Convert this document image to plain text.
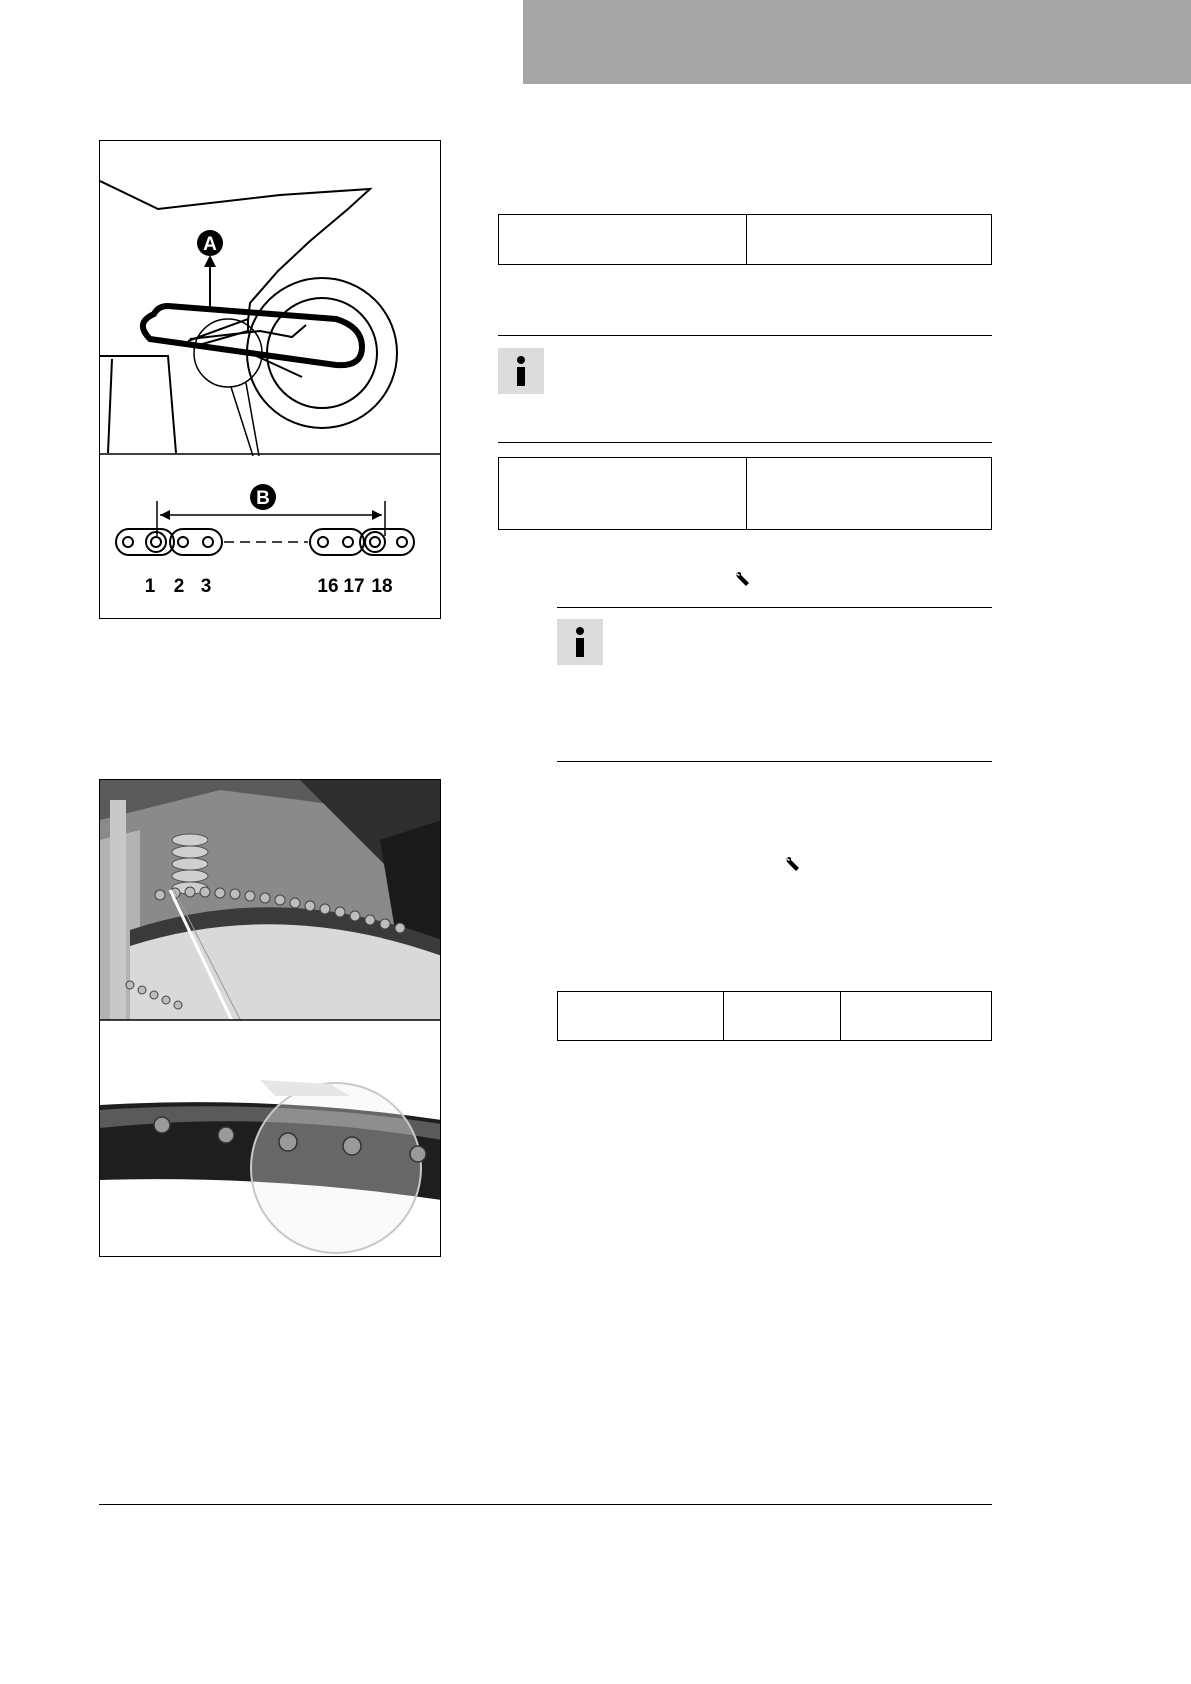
A
B
1 2 3	16 17 18
